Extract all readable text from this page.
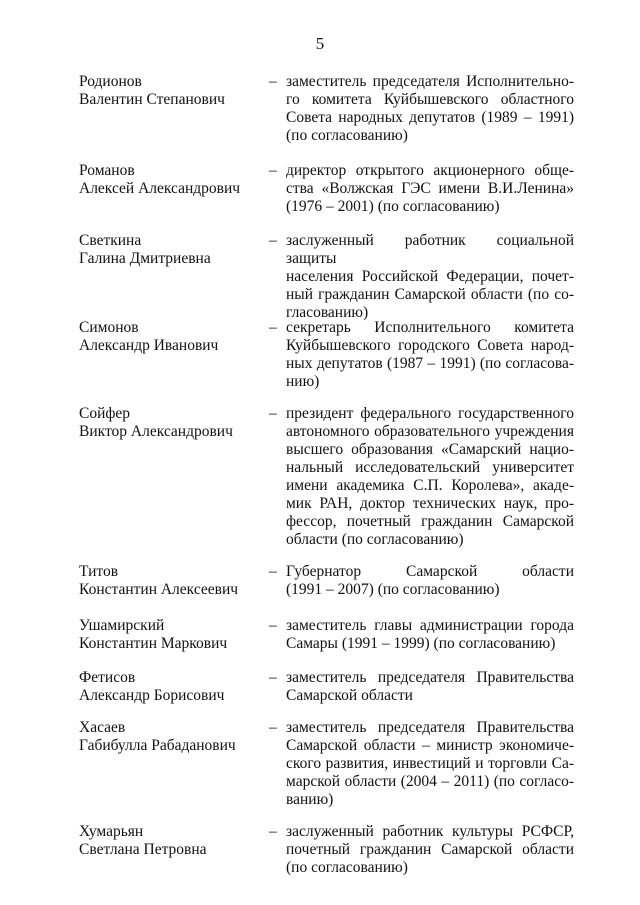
5
Родионов
Валентин Степанович
– заместитель председателя Исполнительно-
го комитета Куйбышевского областного
Совета народных депутатов (1989 – 1991)
(по согласованию)
Романов
Алексей Александрович
– директор открытого акционерного обще-
ства «Волжская ГЭС имени В.И.Ленина»
(1976 – 2001) (по согласованию)
Светкина
Галина Дмитриевна
– заслуженный работник социальной защиты
населения Российской Федерации, почет-
ный гражданин Самарской области (по со-
гласованию)
Симонов
Александр Иванович
– секретарь Исполнительного комитета
Куйбышевского городского Совета народ-
ных депутатов (1987 – 1991) (по согласова-
нию)
Сойфер
Виктор Александрович
– президент федерального государственного
автономного образовательного учреждения
высшего образования «Самарский нацио-
нальный исследовательский университет
имени академика С.П. Королева», акаде-
мик РАН, доктор технических наук, про-
фессор, почетный гражданин Самарской
области (по согласованию)
Титов
Константин Алексеевич
– Губернатор Самарской области
(1991 – 2007) (по согласованию)
Ушамирский
Константин Маркович
– заместитель главы администрации города
Самары (1991 – 1999) (по согласованию)
Фетисов
Александр Борисович
– заместитель председателя Правительства
Самарской области
Хасаев
Габибулла Рабаданович
– заместитель председателя Правительства
Самарской области – министр экономиче-
ского развития, инвестиций и торговли Са-
марской области (2004 – 2011) (по согласо-
ванию)
Хумарьян
Светлана Петровна
– заслуженный работник культуры РСФСР,
почетный гражданин Самарской области
(по согласованию)
